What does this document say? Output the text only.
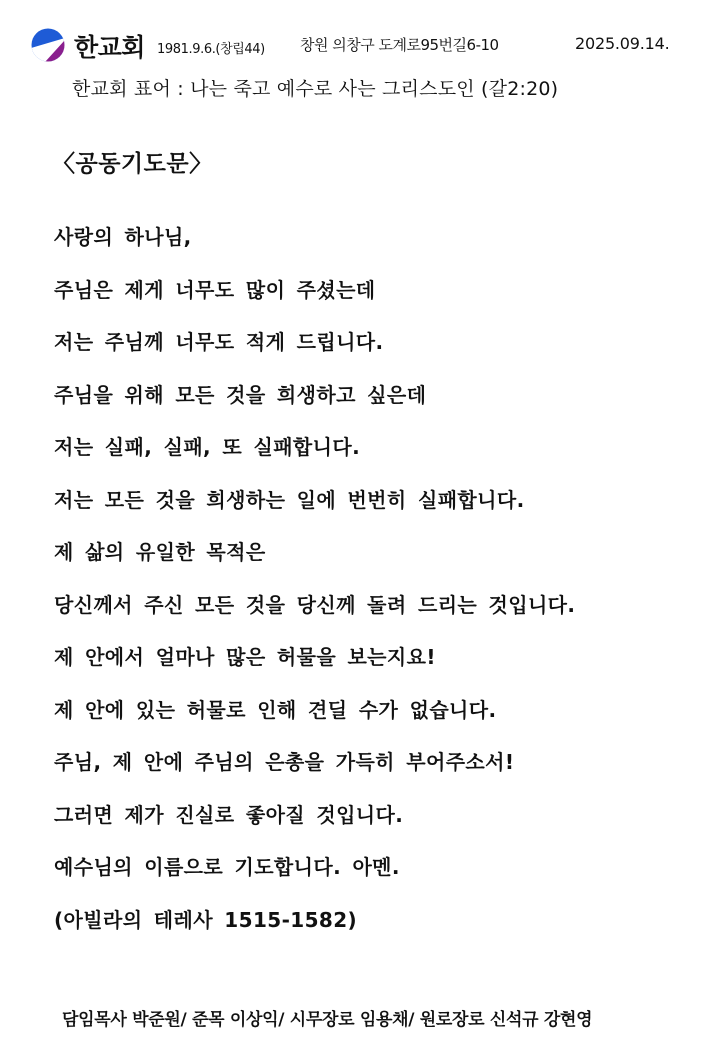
한교회 1981.9.6.(창립44) 창원 의창구 도계로95번길6-10	2025.09.14.
한교회 표어 : 나는 죽고 예수로 사는 그리스도인 (갈2:20)
〈공동기도문〉
사랑의 하나님,
주님은 제게 너무도 많이 주셨는데
저는 주님께 너무도 적게 드립니다.
주님을 위해 모든 것을 희생하고 싶은데
저는 실패, 실패, 또 실패합니다.
저는 모든 것을 희생하는 일에 번번히 실패합니다.
제 삶의 유일한 목적은
당신께서 주신 모든 것을 당신께 돌려 드리는 것입니다.
제 안에서 얼마나 많은 허물을 보는지요!
제 안에 있는 허물로 인해 견딜 수가 없습니다.
주님, 제 안에 주님의 은총을 가득히 부어주소서!
그러면 제가 진실로 좋아질 것입니다.
예수님의 이름으로 기도합니다. 아멘.
(아빌라의 테레사 1515-1582)
담임목사 박준원/ 준목 이상익/ 시무장로 임용채/ 원로장로 신석규 강현영
